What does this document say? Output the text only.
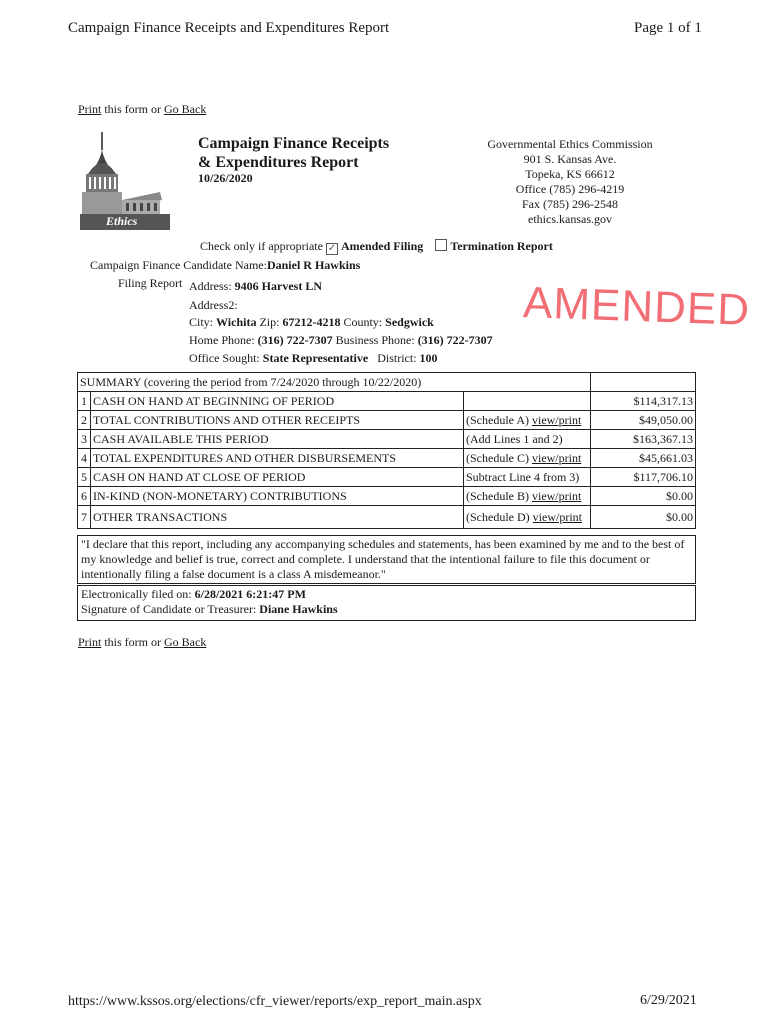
Campaign Finance Receipts and Expenditures Report	Page 1 of 1
Print this form or Go Back
Ethics
Campaign Finance Receipts
& Expenditures Report
10/26/2020
Governmental Ethics Commission
901 S. Kansas Ave.
Topeka, KS 66612
Office (785) 296-4219
Fax (785) 296-2548
ethics.kansas.gov
Check only if appropriate ✓ Amended Filing Termination Report
Campaign Finance Candidate Name:Daniel R Hawkins
Filing Report Address: 9406 Harvest LN
Address2:
City: Wichita Zip: 67212-4218 County: Sedgwick
Home Phone: (316) 722-7307 Business Phone: (316) 722-7307
Office Sought: State Representative District: 100
AMENDED
SUMMARY (covering the period from 7/24/2020 through 10/22/2020)			
1	CASH ON HAND AT BEGINNING OF PERIOD		$114,317.13
2	TOTAL CONTRIBUTIONS AND OTHER RECEIPTS	(Schedule A) view/print	$49,050.00
3	CASH AVAILABLE THIS PERIOD	(Add Lines 1 and 2)	$163,367.13
4	TOTAL EXPENDITURES AND OTHER DISBURSEMENTS	(Schedule C) view/print	$45,661.03
5	CASH ON HAND AT CLOSE OF PERIOD	Subtract Line 4 from 3)	$117,706.10
6	IN-KIND (NON-MONETARY) CONTRIBUTIONS	(Schedule B) view/print	$0.00
7	OTHER TRANSACTIONS	(Schedule D) view/print	$0.00
"I declare that this report, including any accompanying schedules and statements, has been examined by me and to the best of my knowledge and belief is true, correct and complete. I understand that the intentional failure to file this document or intentionally filing a false document is a class A misdemeanor."
Electronically filed on: 6/28/2021 6:21:47 PM
Signature of Candidate or Treasurer: Diane Hawkins
Print this form or Go Back
https://www.kssos.org/elections/cfr_viewer/reports/exp_report_main.aspx	6/29/2021
